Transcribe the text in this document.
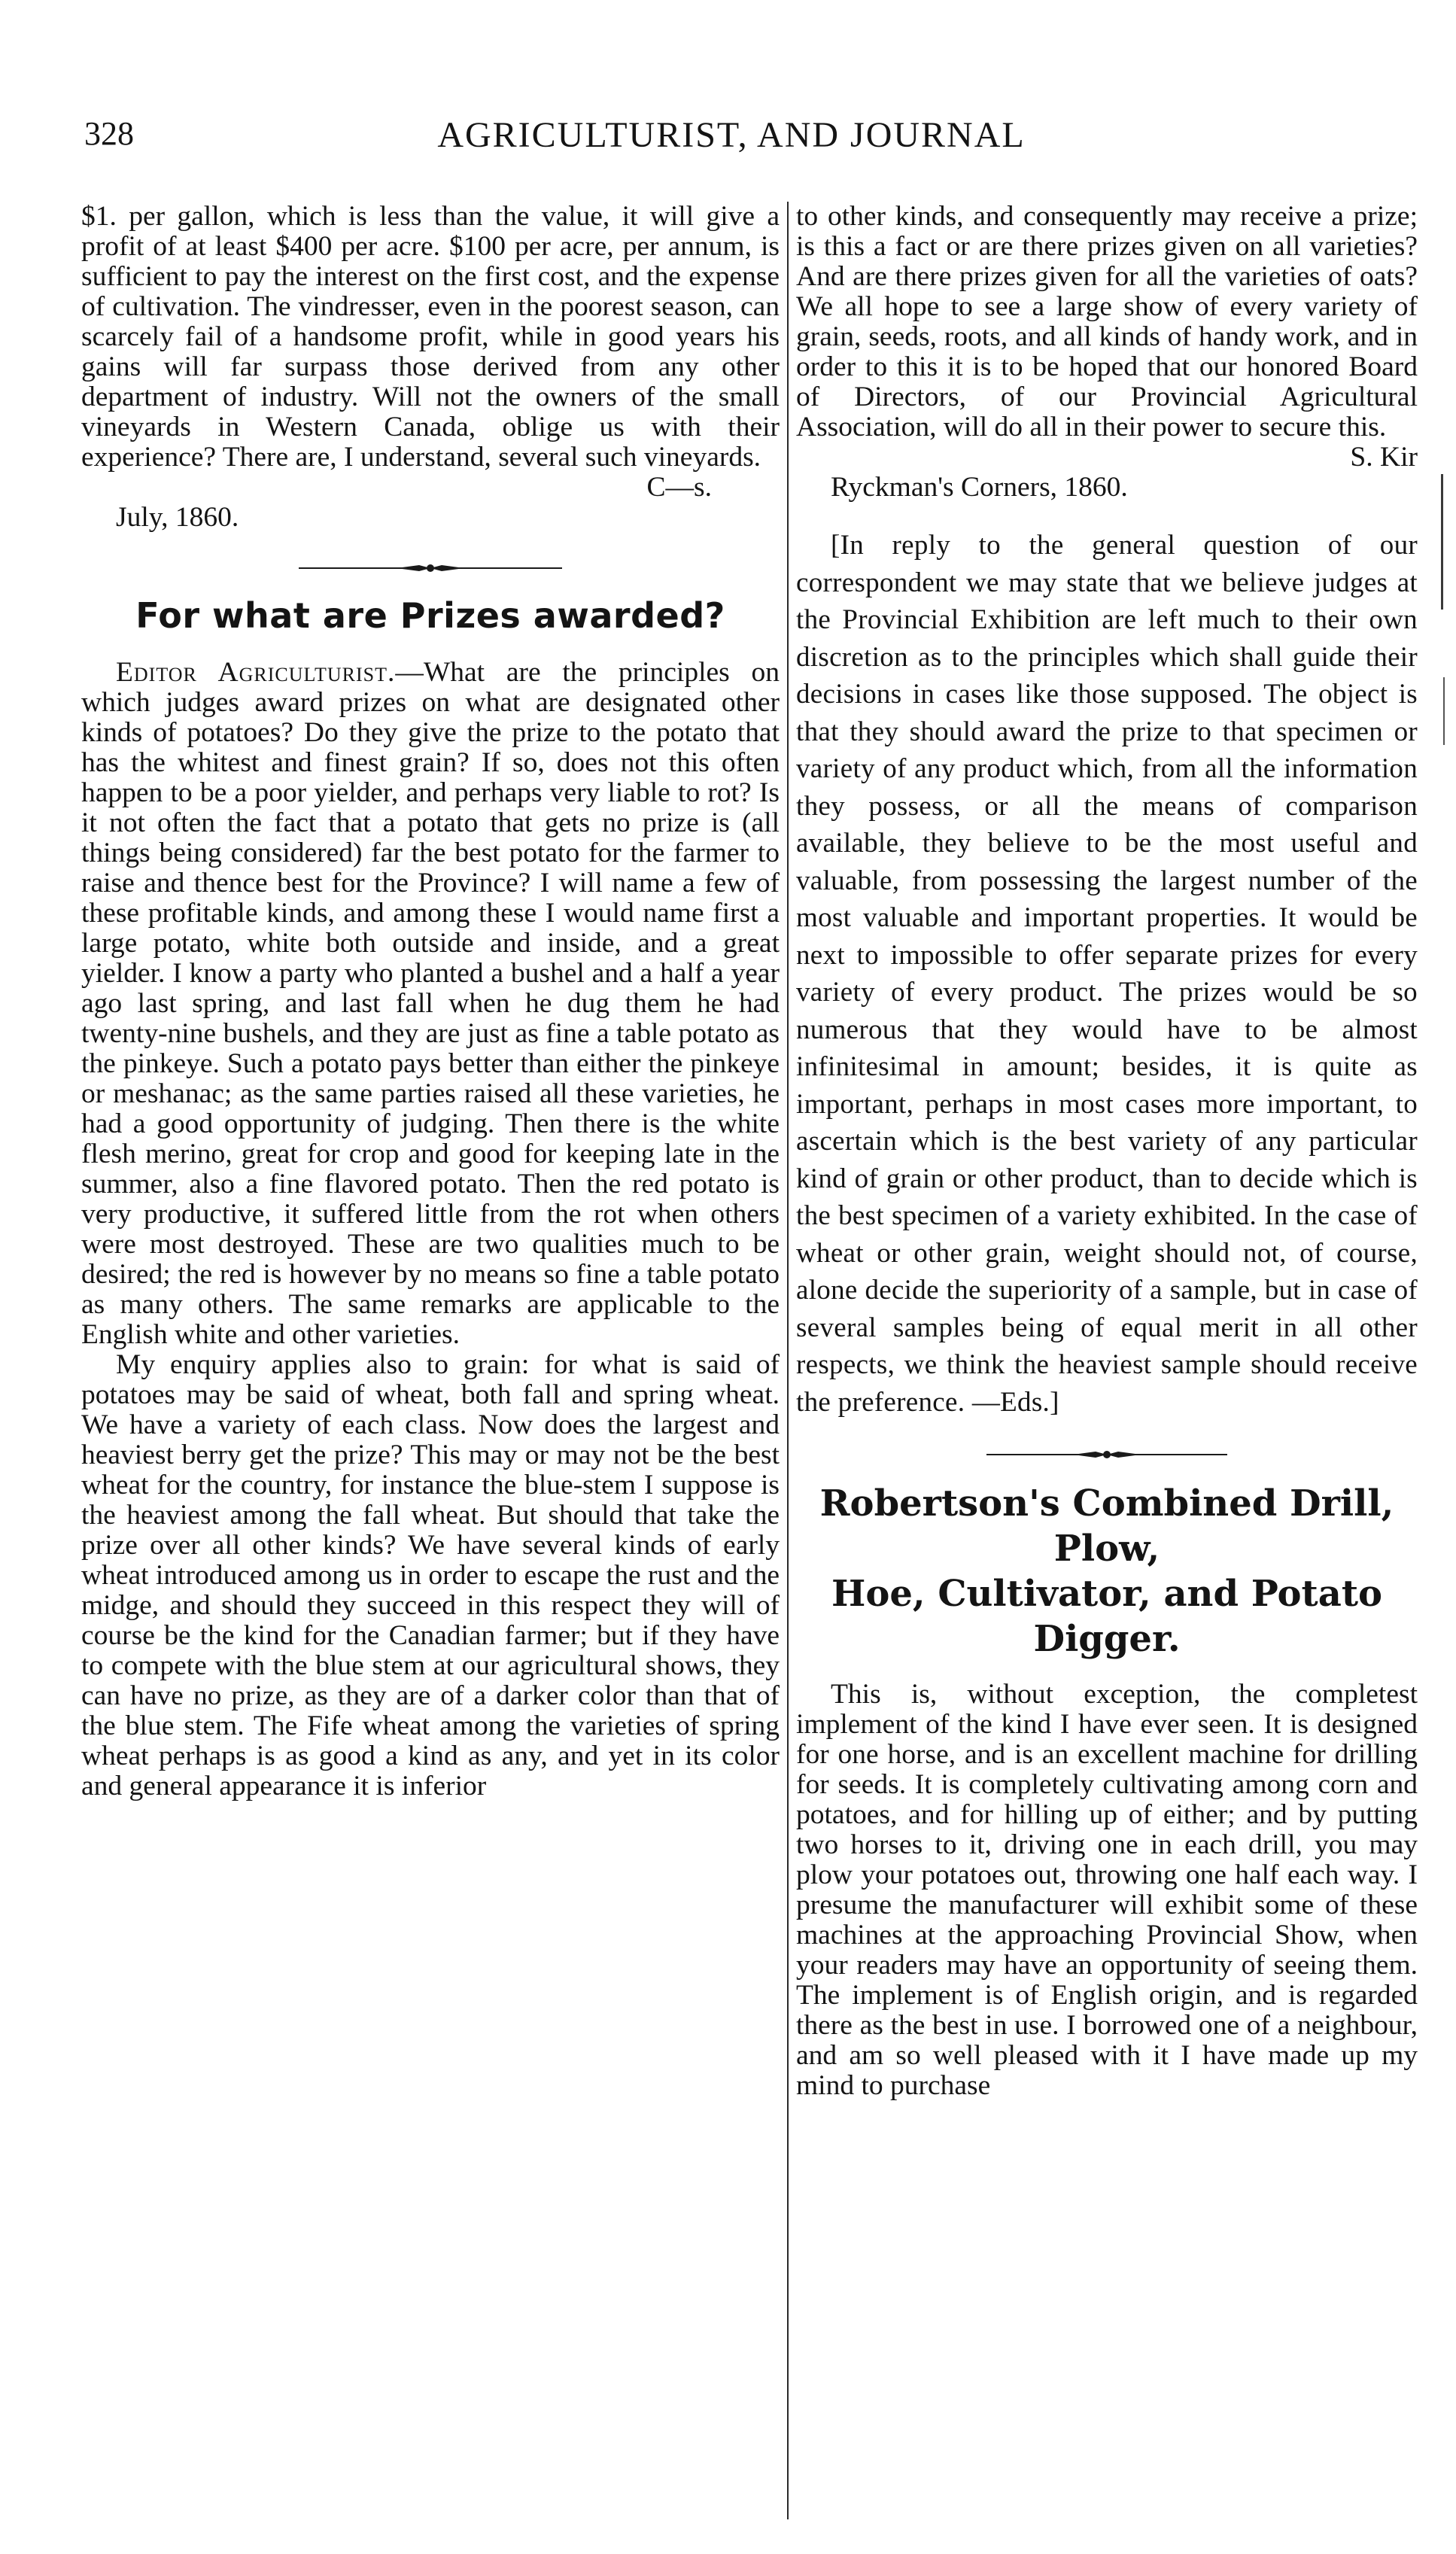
328	AGRICULTURIST, AND JOURNAL

$1. per gallon, which is less than the value, it will give a profit of at least $400 per acre. $100 per acre, per annum, is sufficient to pay the interest on the first cost, and the expense of cultivation. The vindresser, even in the poorest season, can scarcely fail of a handsome profit, while in good years his gains will far surpass those derived from any other department of industry. Will not the owners of the small vineyards in Western Canada, oblige us with their experience? There are, I understand, several such vineyards.

C—s.

July, 1860.

For what are Prizes awarded?

Editor Agriculturist.—What are the principles on which judges award prizes on what are designated other kinds of potatoes? Do they give the prize to the potato that has the whitest and finest grain? If so, does not this often happen to be a poor yielder, and perhaps very liable to rot? Is it not often the fact that a potato that gets no prize is (all things being considered) far the best potato for the farmer to raise and thence best for the Province? I will name a few of these profitable kinds, and among these I would name first a large potato, white both outside and inside, and a great yielder. I know a party who planted a bushel and a half a year ago last spring, and last fall when he dug them he had twenty-nine bushels, and they are just as fine a table potato as the pinkeye. Such a potato pays better than either the pinkeye or meshanac; as the same parties raised all these varieties, he had a good opportunity of judging. Then there is the white flesh merino, great for crop and good for keeping late in the summer, also a fine flavored potato. Then the red potato is very productive, it suffered little from the rot when others were most destroyed. These are two qualities much to be desired; the red is however by no means so fine a table potato as many others. The same remarks are applicable to the English white and other varieties.

My enquiry applies also to grain: for what is said of potatoes may be said of wheat, both fall and spring wheat. We have a variety of each class. Now does the largest and heaviest berry get the prize? This may or may not be the best wheat for the country, for instance the blue-stem I suppose is the heaviest among the fall wheat. But should that take the prize over all other kinds? We have several kinds of early wheat introduced among us in order to escape the rust and the midge, and should they succeed in this respect they will of course be the kind for the Canadian farmer; but if they have to compete with the blue stem at our agricultural shows, they can have no prize, as they are of a darker color than that of the blue stem. The Fife wheat among the varieties of spring wheat perhaps is as good a kind as any, and yet in its color and general appearance it is inferior

to other kinds, and consequently may receive a prize; is this a fact or are there prizes given on all varieties? And are there prizes given for all the varieties of oats? We all hope to see a large show of every variety of grain, seeds, roots, and all kinds of handy work, and in order to this it is to be hoped that our honored Board of Directors, of our Provincial Agricultural Association, will do all in their power to secure this.

S. Kir

Ryckman's Corners, 1860.

[In reply to the general question of our correspondent we may state that we believe judges at the Provincial Exhibition are left much to their own discretion as to the principles which shall guide their decisions in cases like those supposed. The object is that they should award the prize to that specimen or variety of any product which, from all the information they possess, or all the means of comparison available, they believe to be the most useful and valuable, from possessing the largest number of the most valuable and important properties. It would be next to impossible to offer separate prizes for every variety of every product. The prizes would be so numerous that they would have to be almost infinitesimal in amount; besides, it is quite as important, perhaps in most cases more important, to ascertain which is the best variety of any particular kind of grain or other product, than to decide which is the best specimen of a variety exhibited. In the case of wheat or other grain, weight should not, of course, alone decide the superiority of a sample, but in case of several samples being of equal merit in all other respects, we think the heaviest sample should receive the preference. —Eds.]

Robertson's Combined Drill, Plow,
Hoe, Cultivator, and Potato Digger.

This is, without exception, the completest implement of the kind I have ever seen. It is designed for one horse, and is an excellent machine for drilling for seeds. It is completely cultivating among corn and potatoes, and for hilling up of either; and by putting two horses to it, driving one in each drill, you may plow your potatoes out, throwing one half each way. I presume the manufacturer will exhibit some of these machines at the approaching Provincial Show, when your readers may have an opportunity of seeing them. The implement is of English origin, and is regarded there as the best in use. I borrowed one of a neighbour, and am so well pleased with it I have made up my mind to purchase
